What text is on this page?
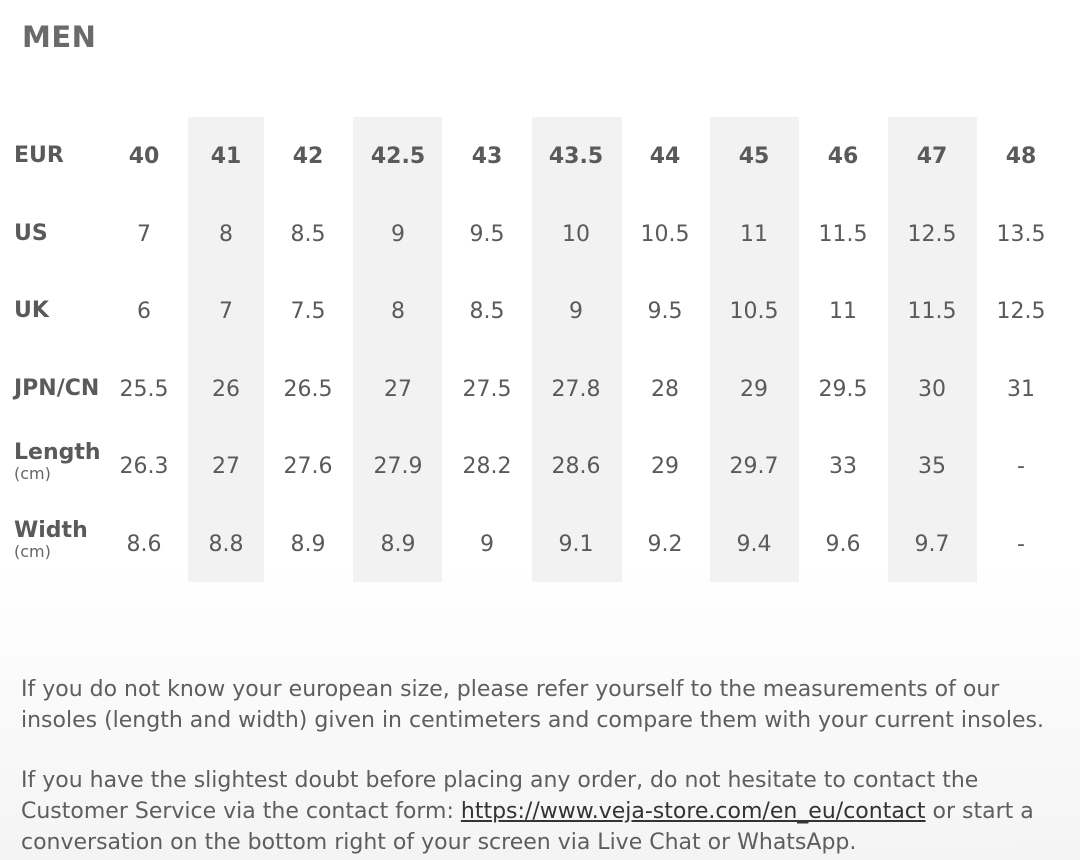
MEN
EUR	40	41	42	42.5	43	43.5	44	45	46	47	48
US	7	8	8.5	9	9.5	10	10.5	11	11.5	12.5	13.5
UK	6	7	7.5	8	8.5	9	9.5	10.5	11	11.5	12.5
JPN/CN 25.5	26	26.5	27	27.5	27.8	28	29	29.5	30	31
Length
(cm)	26.3	27	27.6	27.9	28.2	28.6	29	29.7	33	35	-
Width
(cm)	8.6	8.8	8.9	8.9	9	9.1	9.2	9.4	9.6	9.7	-

If you do not know your european size, please refer yourself to the measurements of our insoles (length and width) given in centimeters and compare them with your current insoles.

If you have the slightest doubt before placing any order, do not hesitate to contact the Customer Service via the contact form: https://www.veja-store.com/en_eu/contact or start a conversation on the bottom right of your screen via Live Chat or WhatsApp.
